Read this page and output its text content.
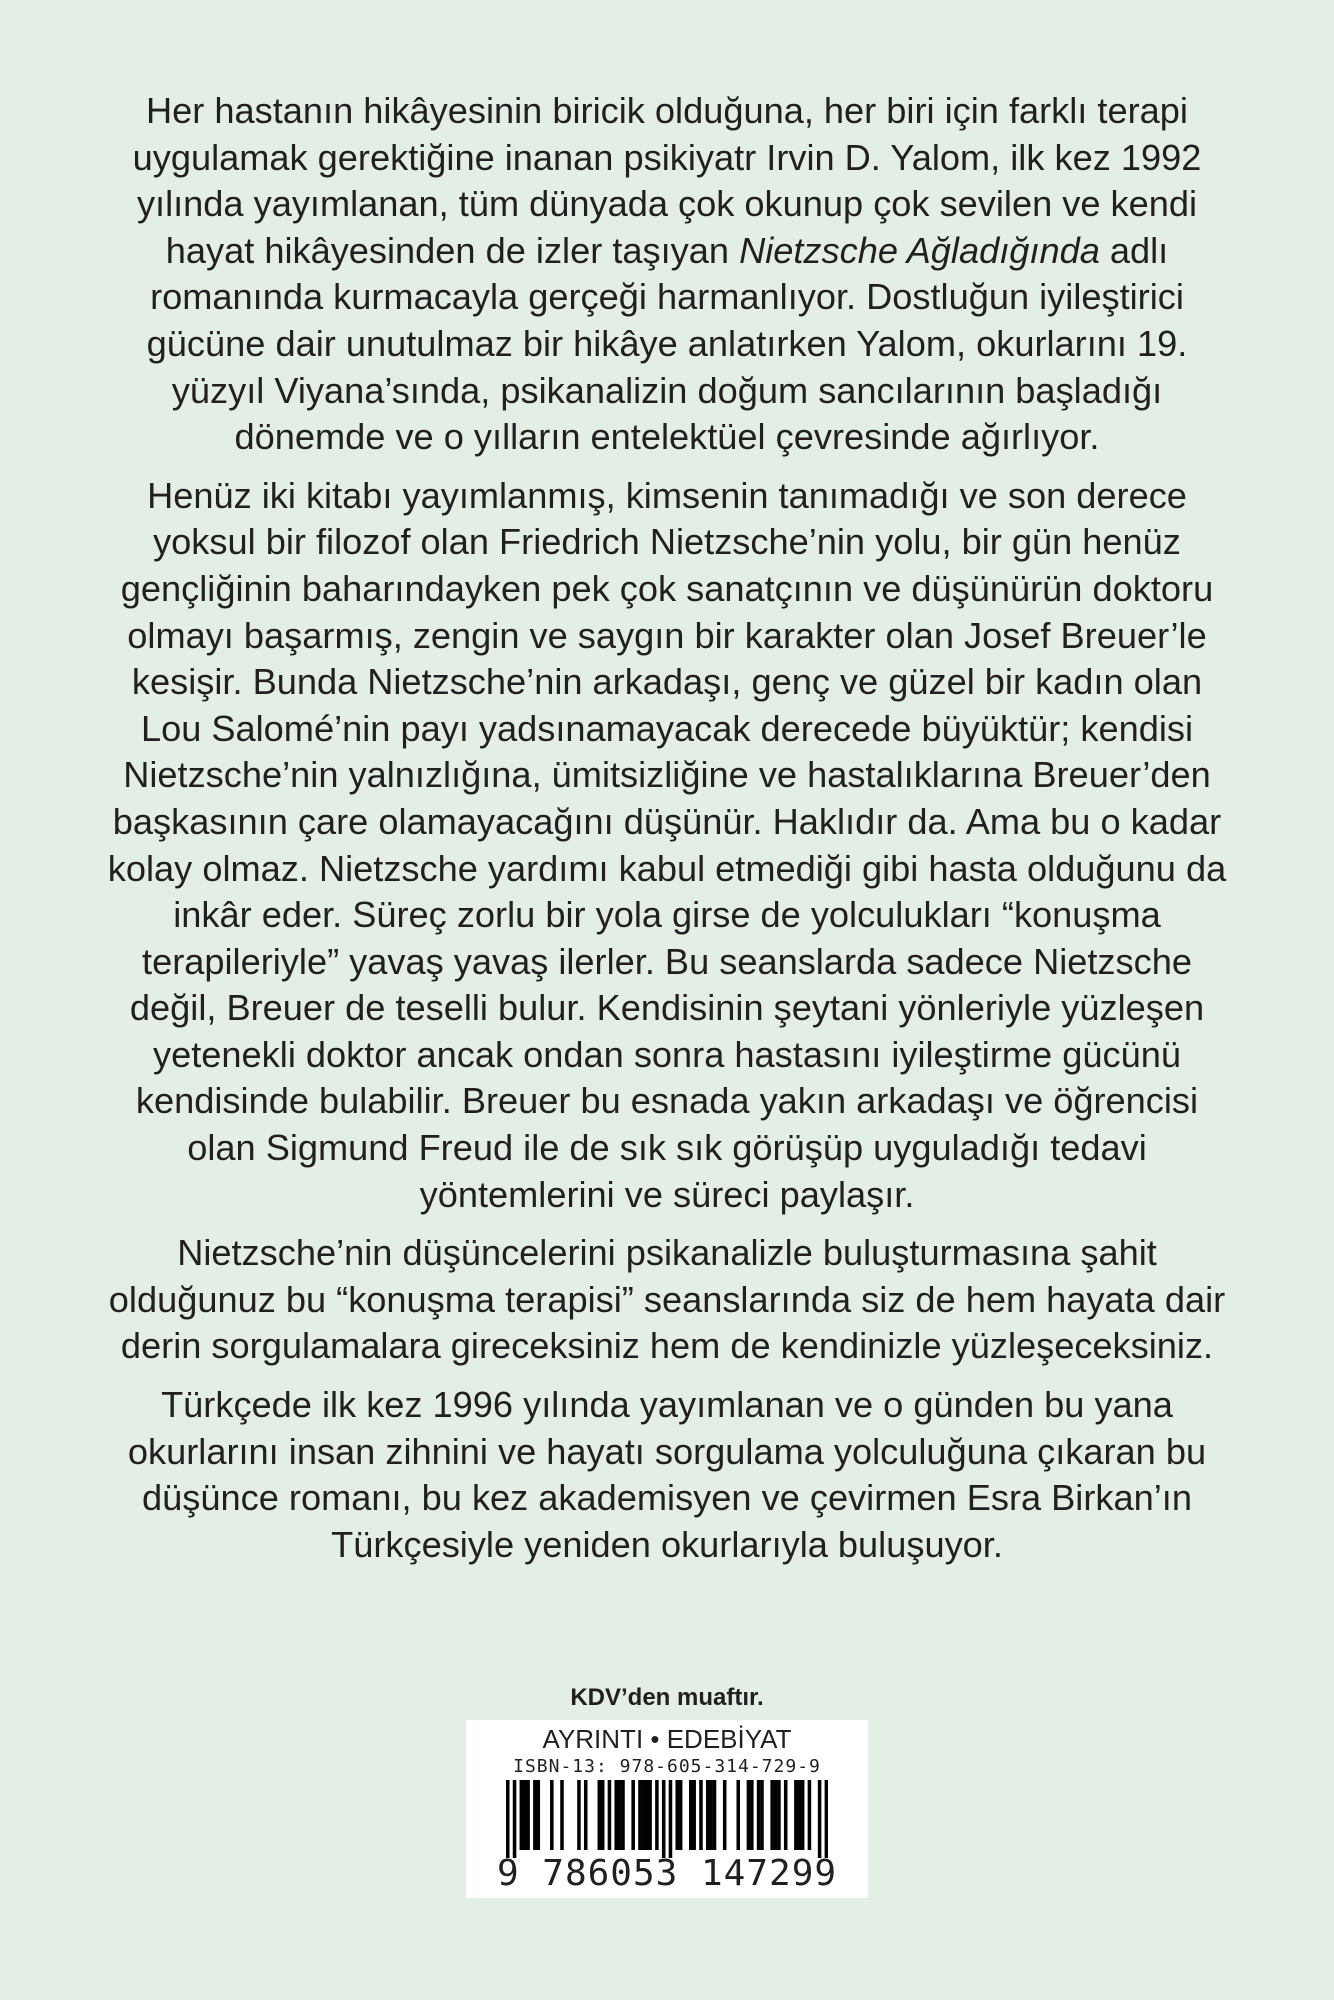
Her hastanın hikâyesinin biricik olduğuna, her biri için farklı terapi uygulamak gerektiğine inanan psikiyatr Irvin D. Yalom, ilk kez 1992 yılında yayımlanan, tüm dünyada çok okunup çok sevilen ve kendi hayat hikâyesinden de izler taşıyan Nietzsche Ağladığında adlı romanında kurmacayla gerçeği harmanlıyor. Dostluğun iyileştirici gücüne dair unutulmaz bir hikâye anlatırken Yalom, okurlarını 19. yüzyıl Viyana’sında, psikanalizin doğum sancılarının başladığı dönemde ve o yılların entelektüel çevresinde ağırlıyor.

Henüz iki kitabı yayımlanmış, kimsenin tanımadığı ve son derece yoksul bir filozof olan Friedrich Nietzsche’nin yolu, bir gün henüz gençliğinin baharındayken pek çok sanatçının ve düşünürün doktoru olmayı başarmış, zengin ve saygın bir karakter olan Josef Breuer’le kesişir. Bunda Nietzsche’nin arkadaşı, genç ve güzel bir kadın olan Lou Salomé’nin payı yadsınamayacak derecede büyüktür; kendisi Nietzsche’nin yalnızlığına, ümitsizliğine ve hastalıklarına Breuer’den başkasının çare olamayacağını düşünür. Haklıdır da. Ama bu o kadar kolay olmaz. Nietzsche yardımı kabul etmediği gibi hasta olduğunu da inkâr eder. Süreç zorlu bir yola girse de yolculukları “konuşma terapileriyle” yavaş yavaş ilerler. Bu seanslarda sadece Nietzsche değil, Breuer de teselli bulur. Kendisinin şeytani yönleriyle yüzleşen yetenekli doktor ancak ondan sonra hastasını iyileştirme gücünü kendisinde bulabilir. Breuer bu esnada yakın arkadaşı ve öğrencisi olan Sigmund Freud ile de sık sık görüşüp uyguladığı tedavi yöntemlerini ve süreci paylaşır.

Nietzsche’nin düşüncelerini psikanalizle buluşturmasına şahit olduğunuz bu “konuşma terapisi” seanslarında siz de hem hayata dair derin sorgulamalara gireceksiniz hem de kendinizle yüzleşeceksiniz.

Türkçede ilk kez 1996 yılında yayımlanan ve o günden bu yana okurlarını insan zihnini ve hayatı sorgulama yolculuğuna çıkaran bu düşünce romanı, bu kez akademisyen ve çevirmen Esra Birkan’ın Türkçesiyle yeniden okurlarıyla buluşuyor.

KDV’den muaftır.
AYRINTI • EDEBİYAT
ISBN-13: 978-605-314-729-9
9 786053 147299
